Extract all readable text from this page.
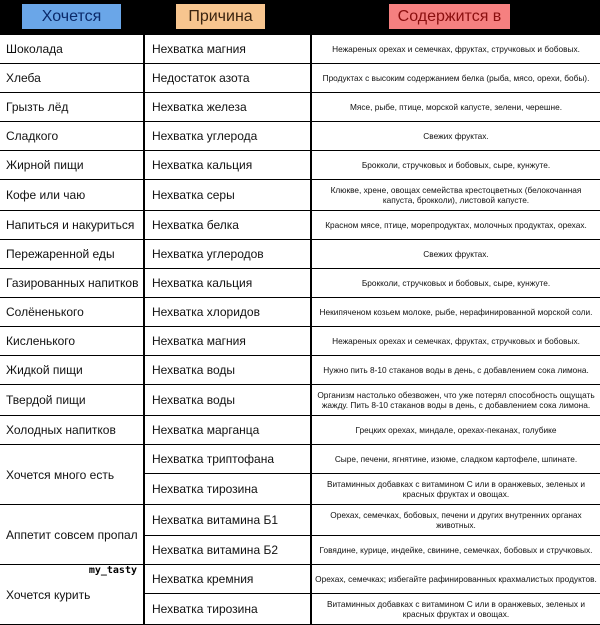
Хочется	Причина	Содержится в
Шоколада	Нехватка магния	Нежареных орехах и семечках, фруктах, стручковых и бобовых.
Хлеба	Недостаток азота	Продуктах с высоким содержанием белка (рыба, мясо, орехи, бобы).
Грызть лёд	Нехватка железа	Мясе, рыбе, птице, морской капусте, зелени, черешне.
Сладкого	Нехватка углерода	Свежих фруктах.
Жирной пищи	Нехватка кальция	Брокколи, стручковых и бобовых, сыре, кунжуте.
Кофе или чаю	Нехватка серы	Клюкве, хрене, овощах семейства крестоцветных (белокочанная капуста, брокколи), листовой капусте.
Напиться и накуриться	Нехватка белка	Красном мясе, птице, морепродуктах, молочных продуктах, орехах.
Пережаренной еды	Нехватка углеродов	Свежих фруктах.
Газированных напитков	Нехватка кальция	Брокколи, стручковых и бобовых, сыре, кунжуте.
Солёненького	Нехватка хлоридов	Некипяченом козьем молоке, рыбе, нерафинированной морской соли.
Кисленького	Нехватка магния	Нежареных орехах и семечках, фруктах, стручковых и бобовых.
Жидкой пищи	Нехватка воды	Нужно пить 8-10 стаканов воды в день, с добавлением сока лимона.
Твердой пищи	Нехватка воды	Организм настолько обезвожен, что уже потерял способность ощущать жажду. Пить 8-10 стаканов воды в день, с добавлением сока лимона.
Холодных напитков	Нехватка марганца	Грецких орехах, миндале, орехах-пеканах, голубике
Хочется много есть	Нехватка триптофана	Сыре, печени, ягнятине, изюме, сладком картофеле, шпинате.
	Нехватка тирозина	Витаминных добавках с витамином С или в оранжевых, зеленых и красных фруктах и овощах.
Аппетит совсем пропал	Нехватка витамина Б1	Орехах, семечках, бобовых, печени и других внутренних органах животных.
	Нехватка витамина Б2	Говядине, курице, индейке, свинине, семечках, бобовых и стручковых.

my_tasty
Хочется курить	Нехватка кремния	Орехах, семечках; избегайте рафинированных крахмалистых продуктов.
	Нехватка тирозина	Витаминных добавках с витамином С или в оранжевых, зеленых и красных фруктах и овощах.
